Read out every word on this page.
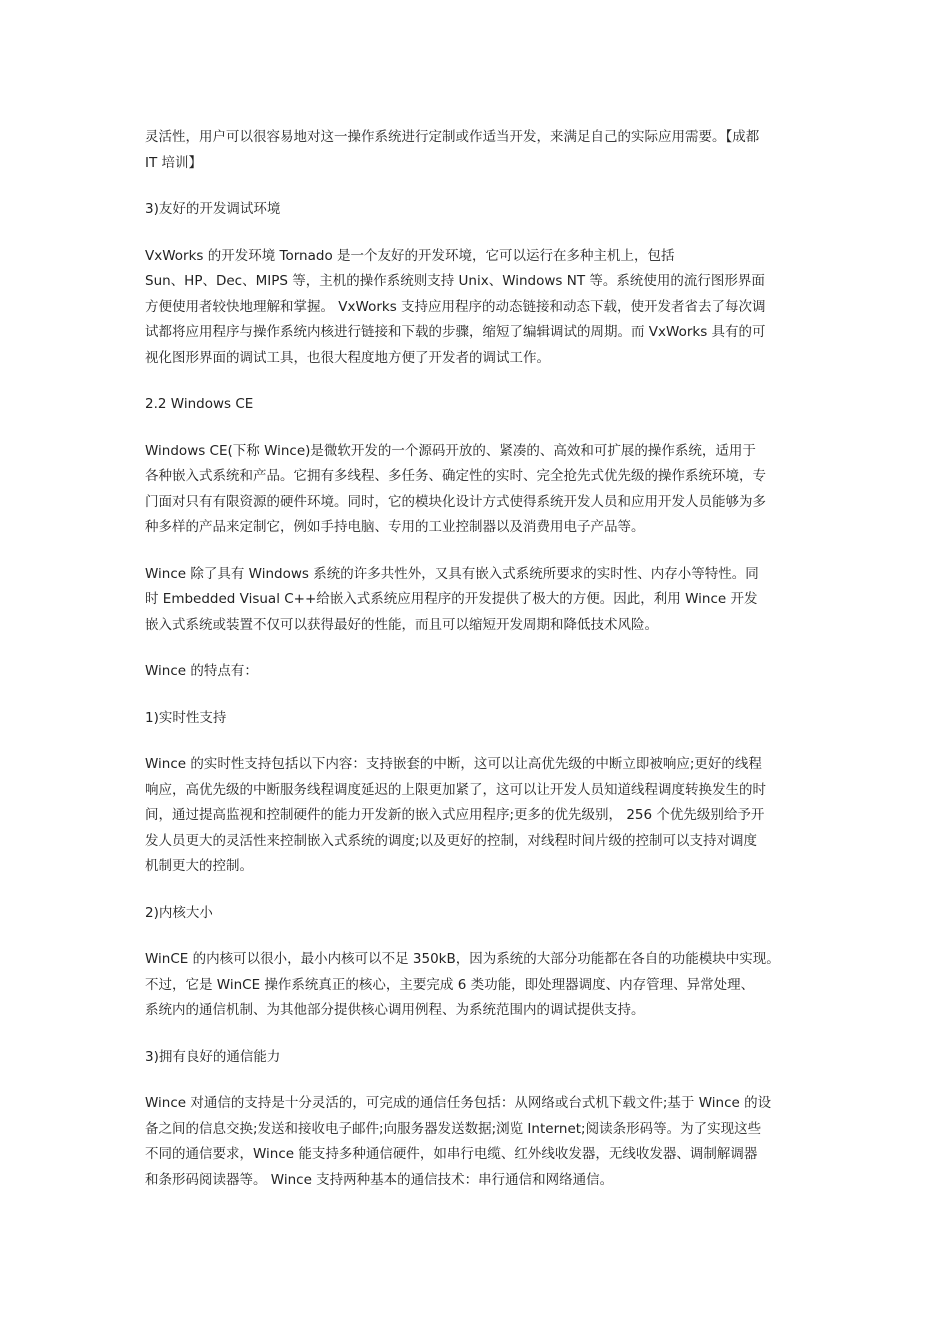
灵活性，用户可以很容易地对这一操作系统进行定制或作适当开发，来满足自己的实际应用需要。【成都
IT 培训】
3)友好的开发调试环境
VxWorks 的开发环境 Tornado 是一个友好的开发环境，它可以运行在多种主机上，包括
Sun、HP、Dec、MIPS 等，主机的操作系统则支持 Unix、Windows NT 等。系统使用的流行图形界面
方便使用者较快地理解和掌握。 VxWorks 支持应用程序的动态链接和动态下载，使开发者省去了每次调
试都将应用程序与操作系统内核进行链接和下载的步骤，缩短了编辑调试的周期。而 VxWorks 具有的可
视化图形界面的调试工具，也很大程度地方便了开发者的调试工作。
2.2 Windows CE
Windows CE(下称 Wince)是微软开发的一个源码开放的、紧凑的、高效和可扩展的操作系统，适用于
各种嵌入式系统和产品。它拥有多线程、多任务、确定性的实时、完全抢先式优先级的操作系统环境，专
门面对只有有限资源的硬件环境。同时，它的模块化设计方式使得系统开发人员和应用开发人员能够为多
种多样的产品来定制它，例如手持电脑、专用的工业控制器以及消费用电子产品等。
Wince 除了具有 Windows 系统的许多共性外，又具有嵌入式系统所要求的实时性、内存小等特性。同
时 Embedded Visual C++给嵌入式系统应用程序的开发提供了极大的方便。因此，利用 Wince 开发
嵌入式系统或装置不仅可以获得最好的性能，而且可以缩短开发周期和降低技术风险。
Wince 的特点有：
1)实时性支持
Wince 的实时性支持包括以下内容：支持嵌套的中断，这可以让高优先级的中断立即被响应;更好的线程
响应，高优先级的中断服务线程调度延迟的上限更加紧了，这可以让开发人员知道线程调度转换发生的时
间，通过提高监视和控制硬件的能力开发新的嵌入式应用程序;更多的优先级别， 256 个优先级别给予开
发人员更大的灵活性来控制嵌入式系统的调度;以及更好的控制，对线程时间片级的控制可以支持对调度
机制更大的控制。
2)内核大小
WinCE 的内核可以很小，最小内核可以不足 350kB，因为系统的大部分功能都在各自的功能模块中实现。
不过，它是 WinCE 操作系统真正的核心，主要完成 6 类功能，即处理器调度、内存管理、异常处理、
系统内的通信机制、为其他部分提供核心调用例程、为系统范围内的调试提供支持。
3)拥有良好的通信能力
Wince 对通信的支持是十分灵活的，可完成的通信任务包括：从网络或台式机下载文件;基于 Wince 的设
备之间的信息交换;发送和接收电子邮件;向服务器发送数据;浏览 Internet;阅读条形码等。为了实现这些
不同的通信要求，Wince 能支持多种通信硬件，如串行电缆、红外线收发器，无线收发器、调制解调器
和条形码阅读器等。 Wince 支持两种基本的通信技术：串行通信和网络通信。
